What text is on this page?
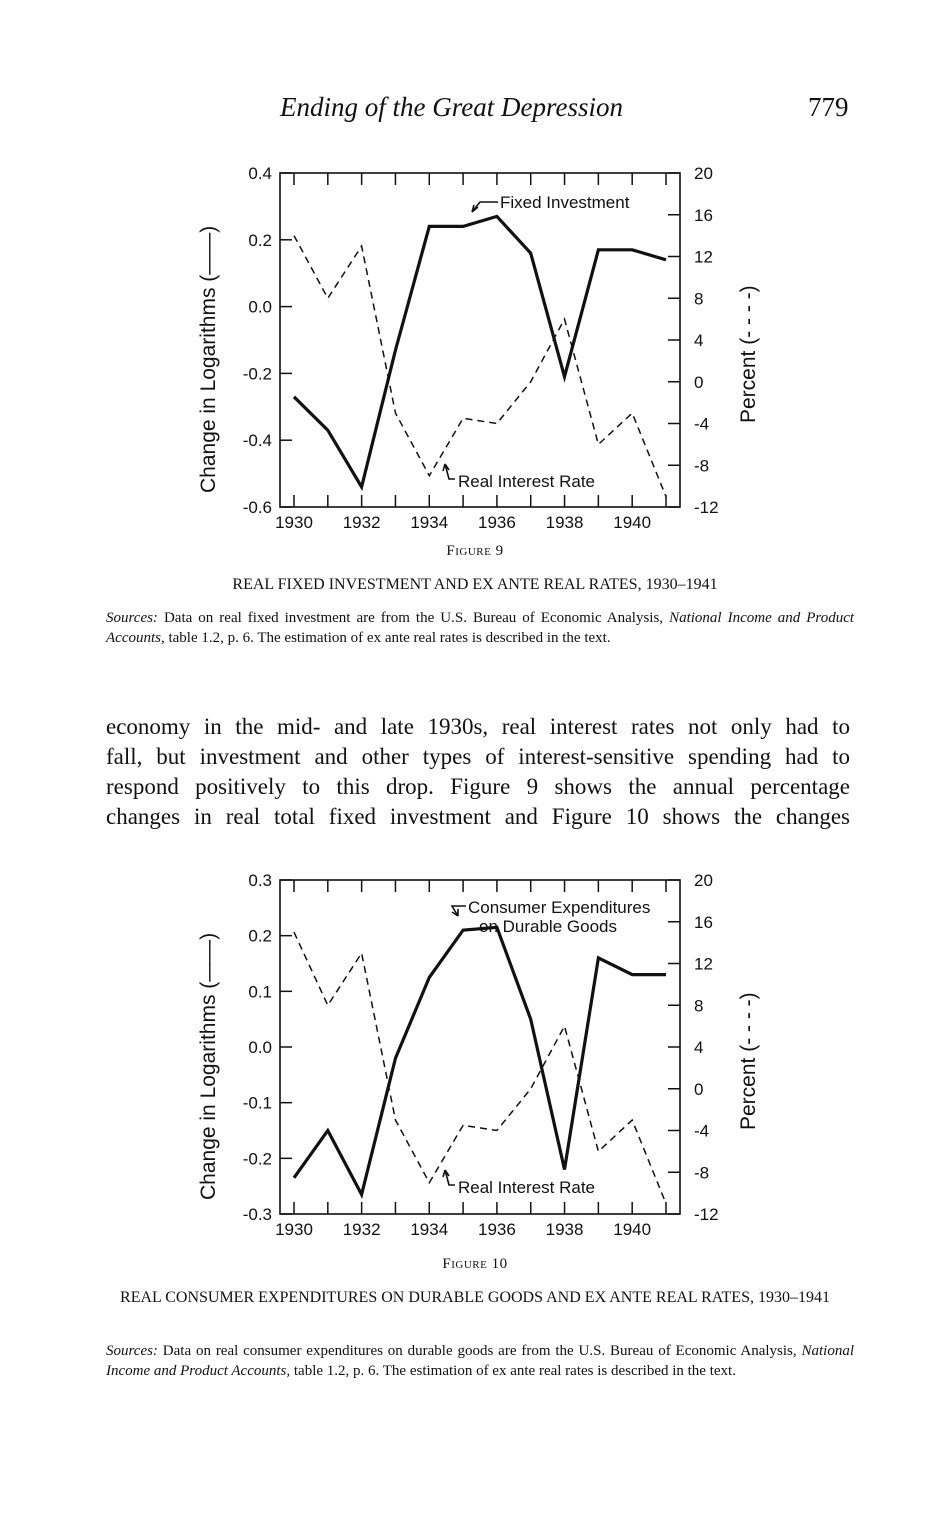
Ending of the Great Depression	779
1930 1932 1934 1936 1938 1940
0.4
0.2
0.0
-0.2
-0.4
-0.6
20
16
12
8
4
0
-4
-8
-12
Fixed Investment
Real Interest Rate
Change in Logarithms (——)	Percent (- - - -)
Figure 9
REAL FIXED INVESTMENT AND EX ANTE REAL RATES, 1930–1941
Sources: Data on real fixed investment are from the U.S. Bureau of Economic Analysis, National Income and Product Accounts, table 1.2, p. 6. The estimation of ex ante real rates is described in the text.
economy in the mid- and late 1930s, real interest rates not only had to
fall, but investment and other types of interest-sensitive spending had to
respond positively to this drop. Figure 9 shows the annual percentage
changes in real total fixed investment and Figure 10 shows the changes
1930 1932 1934 1936 1938 1940
0.3
0.2
0.1
0.0
-0.1
-0.2
-0.3
20
16
12
8
4
0
-4
-8
-12
Consumer Expenditures
on Durable Goods
Real Interest Rate
Change in Logarithms (——)	Percent (- - - -)
Figure 10
REAL CONSUMER EXPENDITURES ON DURABLE GOODS AND EX ANTE REAL RATES, 1930–1941
Sources: Data on real consumer expenditures on durable goods are from the U.S. Bureau of Economic Analysis, National Income and Product Accounts, table 1.2, p. 6. The estimation of ex ante real rates is described in the text.
